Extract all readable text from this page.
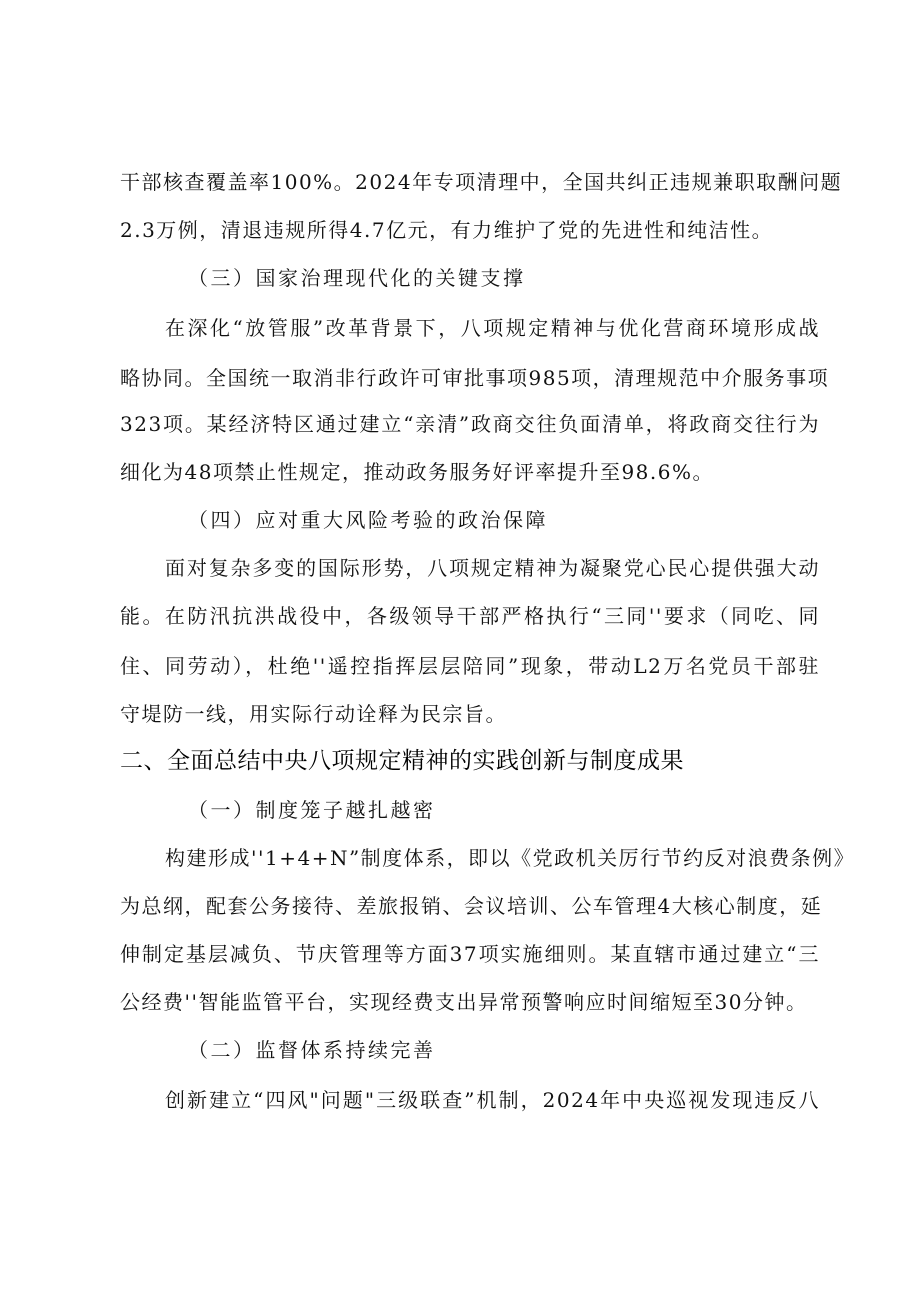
干部核查覆盖率100%。2024年专项清理中，全国共纠正违规兼职取酬问题
2.3万例，清退违规所得4.7亿元，有力维护了党的先进性和纯洁性。
（三）国家治理现代化的关键支撑
在深化“放管服”改革背景下，八项规定精神与优化营商环境形成战
略协同。全国统一取消非行政许可审批事项985项，清理规范中介服务事项
323项。某经济特区通过建立“亲清”政商交往负面清单，将政商交往行为
细化为48项禁止性规定，推动政务服务好评率提升至98.6%。
（四）应对重大风险考验的政治保障
面对复杂多变的国际形势，八项规定精神为凝聚党心民心提供强大动
能。在防汛抗洪战役中，各级领导干部严格执行“三同''要求（同吃、同
住、同劳动），杜绝''遥控指挥层层陪同”现象，带动L2万名党员干部驻
守堤防一线，用实际行动诠释为民宗旨。
二、全面总结中央八项规定精神的实践创新与制度成果
（一）制度笼子越扎越密
构建形成''1+4+N”制度体系，即以《党政机关厉行节约反对浪费条例》
为总纲，配套公务接待、差旅报销、会议培训、公车管理4大核心制度，延
伸制定基层减负、节庆管理等方面37项实施细则。某直辖市通过建立“三
公经费''智能监管平台，实现经费支出异常预警响应时间缩短至30分钟。
（二）监督体系持续完善
创新建立“四风"问题"三级联查”机制，2024年中央巡视发现违反八
